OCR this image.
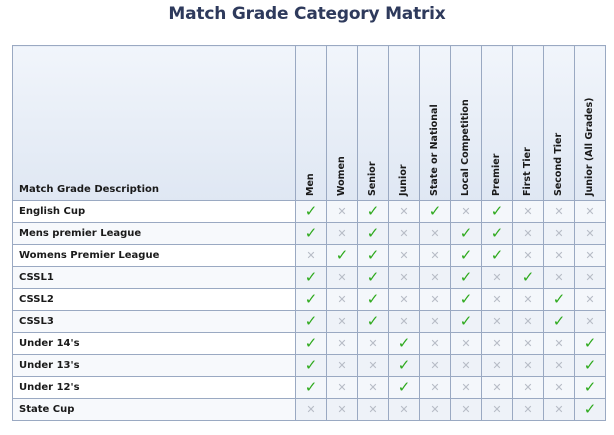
Match Grade Category Matrix
Match Grade Description	Men	Women	Senior	Junior	State or National	Local Competition	Premier	First Tier	Second Tier	Junior (All Grades)

English Cup	✓	✕	✓	✕	✓	✕	✓	✕	✕	✕
Mens premier League	✓	✕	✓	✕	✕	✓	✓	✕	✕	✕
Womens Premier League	✕	✓	✓	✕	✕	✓	✓	✕	✕	✕
CSSL1	✓	✕	✓	✕	✕	✓	✕	✓	✕	✕
CSSL2	✓	✕	✓	✕	✕	✓	✕	✕	✓	✕
CSSL3	✓	✕	✓	✕	✕	✓	✕	✕	✓	✕
Under 14's	✓	✕	✕	✓	✕	✕	✕	✕	✕	✓
Under 13's	✓	✕	✕	✓	✕	✕	✕	✕	✕	✓
Under 12's	✓	✕	✕	✓	✕	✕	✕	✕	✕	✓
State Cup	✕	✕	✕	✕	✕	✕	✕	✕	✕	✓
